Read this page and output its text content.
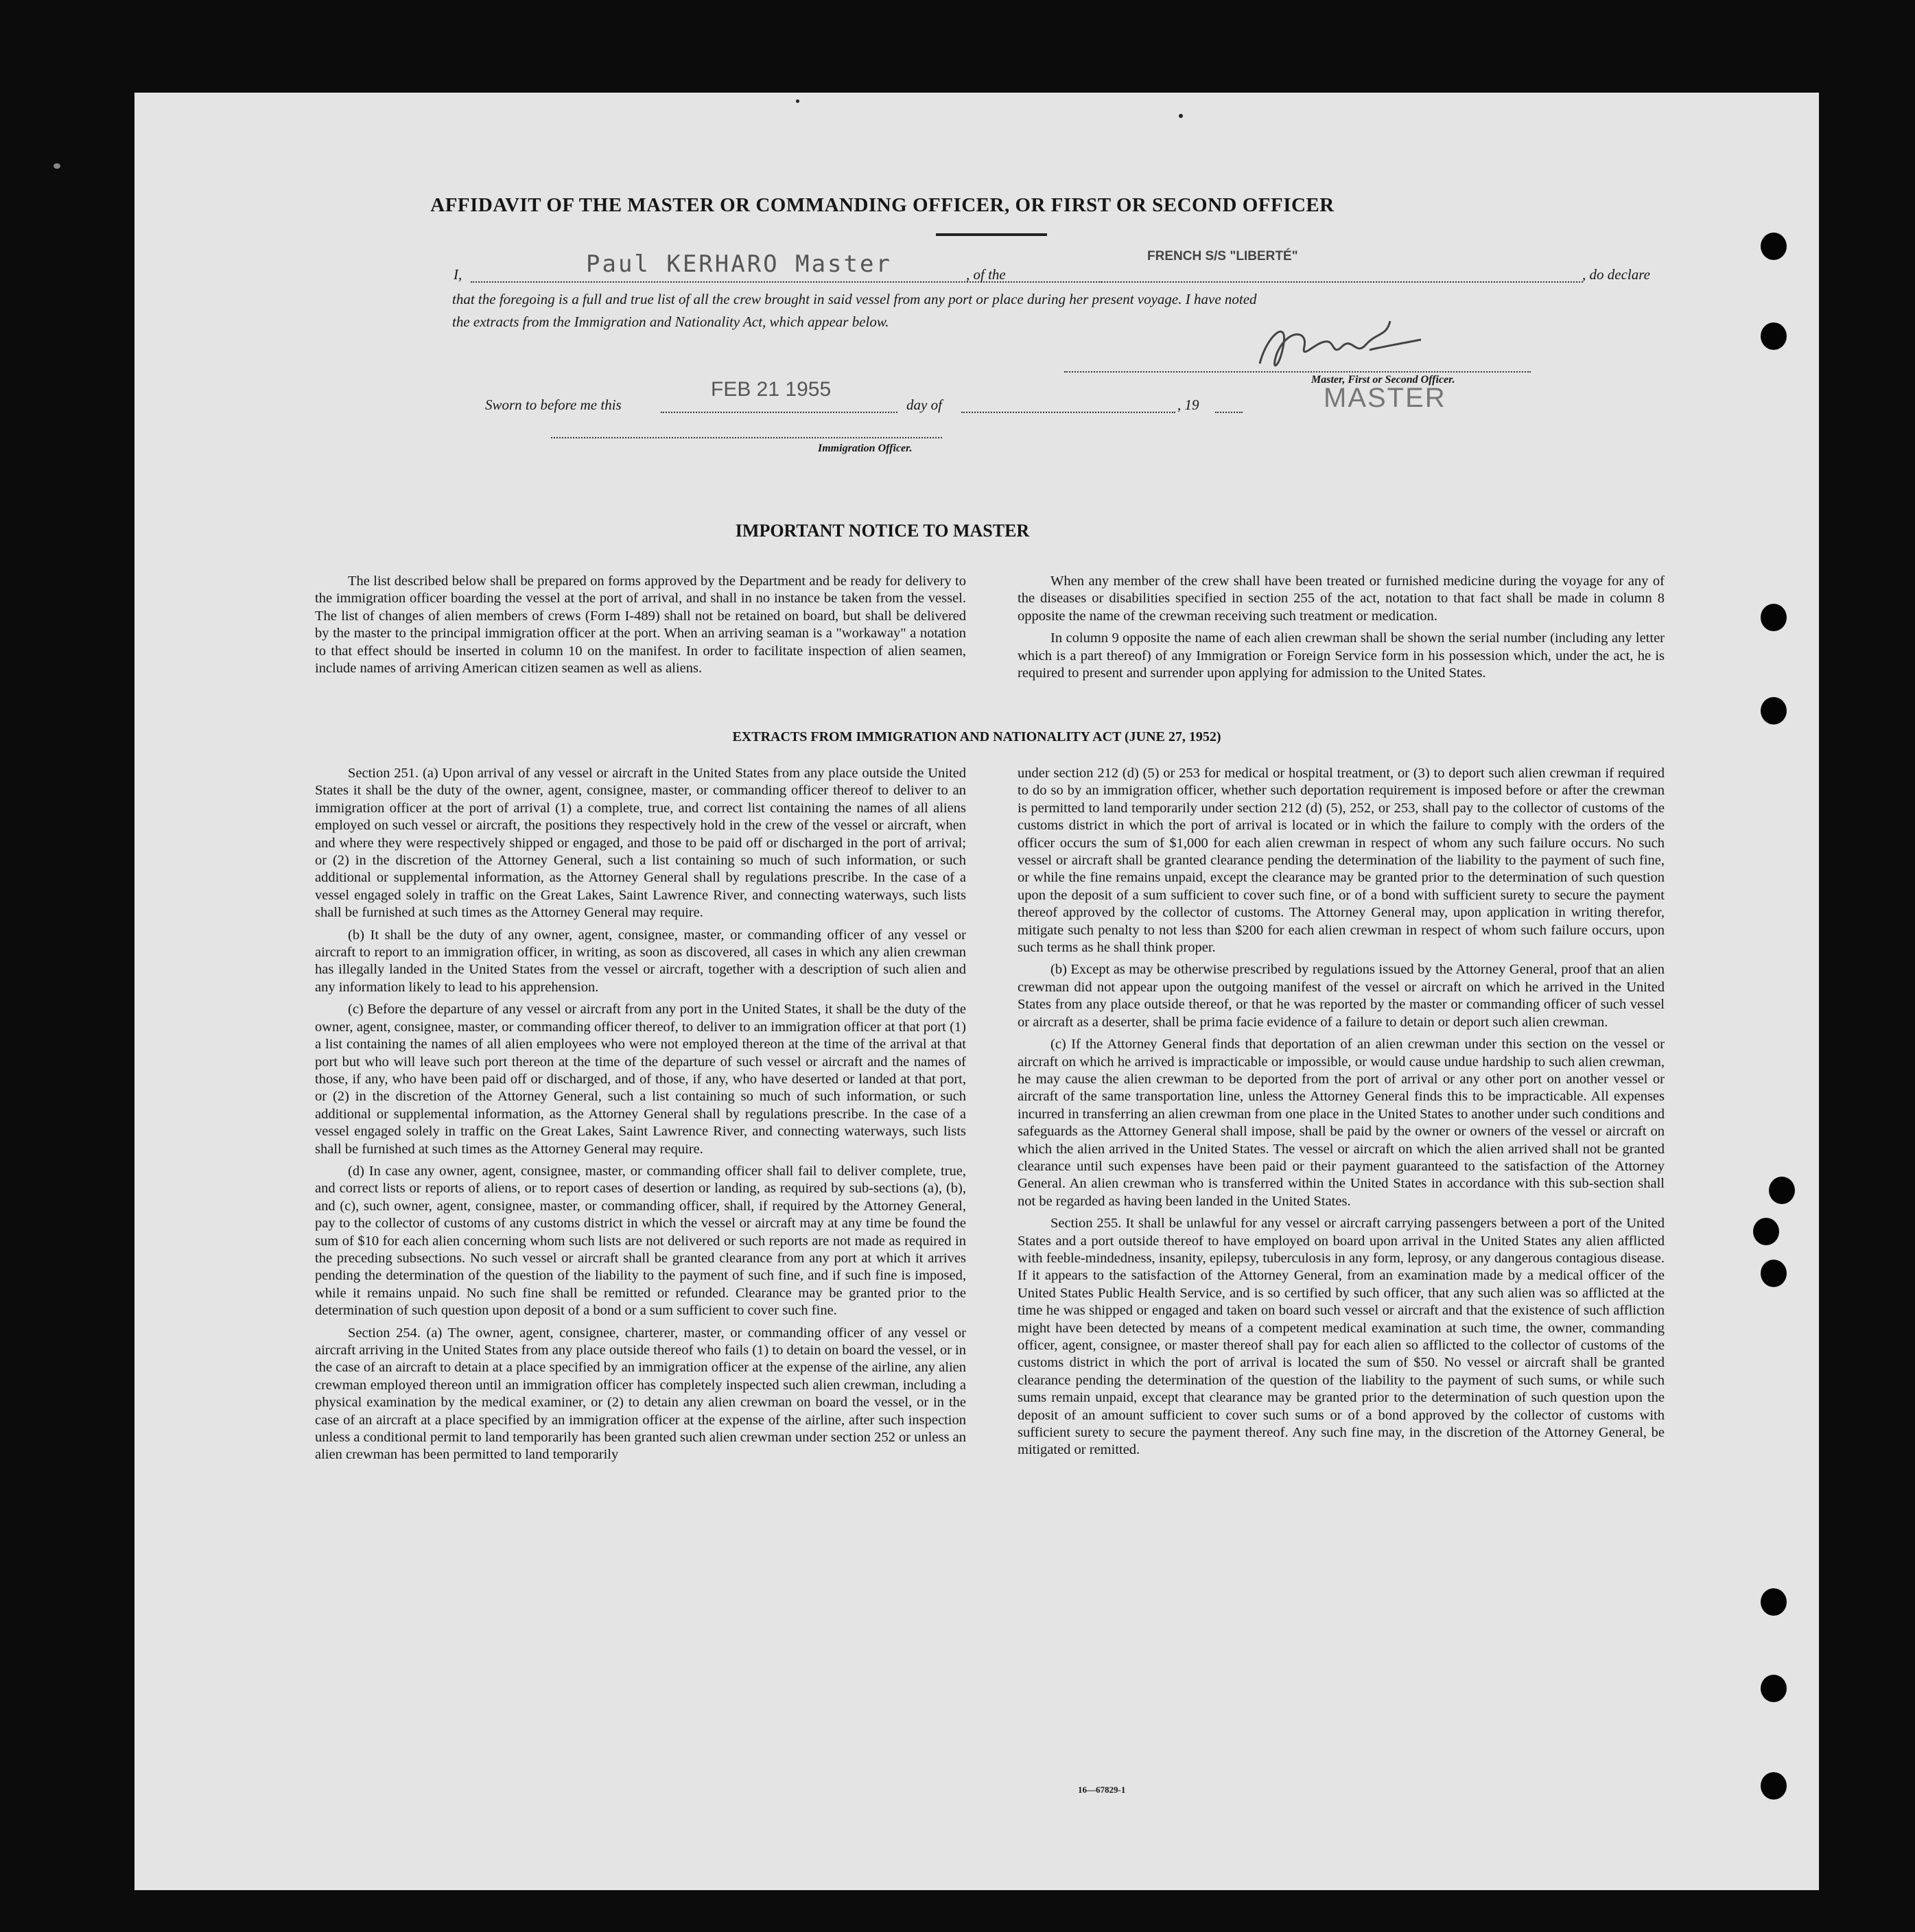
AFFIDAVIT OF THE MASTER OR COMMANDING OFFICER, OR FIRST OR SECOND OFFICER
I,	Paul KERHARO Master	, of the
FRENCH S/S "LIBERTÉ"
, do declare
that the foregoing is a full and true list of all the crew brought in said vessel from any port or place during her present voyage. I have noted
the extracts from the Immigration and Nationality Act, which appear below.
Master, First or Second Officer.
MASTER
Sworn to before me this
FEB 21 1955
day of	, 19
Immigration Officer.
IMPORTANT NOTICE TO MASTER

The list described below shall be prepared on forms approved by the Department and be ready for delivery to the immigration officer boarding the vessel at the port of arrival, and shall in no instance be taken from the vessel. The list of changes of alien members of crews (Form I-489) shall not be retained on board, but shall be delivered by the master to the principal immigration officer at the port. When an arriving seaman is a "workaway" a notation to that effect should be inserted in column 10 on the manifest. In order to facilitate inspection of alien seamen, include names of arriving American citizen seamen as well as aliens.

When any member of the crew shall have been treated or furnished medicine during the voyage for any of the diseases or disabilities specified in section 255 of the act, notation to that fact shall be made in column 8 opposite the name of the crewman receiving such treatment or medication.

In column 9 opposite the name of each alien crewman shall be shown the serial number (including any letter which is a part thereof) of any Immigration or Foreign Service form in his possession which, under the act, he is required to present and surrender upon applying for admission to the United States.

EXTRACTS FROM IMMIGRATION AND NATIONALITY ACT (JUNE 27, 1952)

Section 251. (a) Upon arrival of any vessel or aircraft in the United States from any place outside the United States it shall be the duty of the owner, agent, consignee, master, or commanding officer thereof to deliver to an immigration officer at the port of arrival (1) a complete, true, and correct list containing the names of all aliens employed on such vessel or aircraft, the positions they respectively hold in the crew of the vessel or aircraft, when and where they were respectively shipped or engaged, and those to be paid off or discharged in the port of arrival; or (2) in the discretion of the Attorney General, such a list containing so much of such information, or such additional or supplemental information, as the Attorney General shall by regulations prescribe. In the case of a vessel engaged solely in traffic on the Great Lakes, Saint Lawrence River, and connecting waterways, such lists shall be furnished at such times as the Attorney General may require.

(b) It shall be the duty of any owner, agent, consignee, master, or commanding officer of any vessel or aircraft to report to an immigration officer, in writing, as soon as discovered, all cases in which any alien crewman has illegally landed in the United States from the vessel or aircraft, together with a description of such alien and any information likely to lead to his apprehension.

(c) Before the departure of any vessel or aircraft from any port in the United States, it shall be the duty of the owner, agent, consignee, master, or commanding officer thereof, to deliver to an immigration officer at that port (1) a list containing the names of all alien employees who were not employed thereon at the time of the arrival at that port but who will leave such port thereon at the time of the departure of such vessel or aircraft and the names of those, if any, who have been paid off or discharged, and of those, if any, who have deserted or landed at that port, or (2) in the discretion of the Attorney General, such a list containing so much of such information, or such additional or supplemental information, as the Attorney General shall by regulations prescribe. In the case of a vessel engaged solely in traffic on the Great Lakes, Saint Lawrence River, and connecting waterways, such lists shall be furnished at such times as the Attorney General may require.

(d) In case any owner, agent, consignee, master, or commanding officer shall fail to deliver complete, true, and correct lists or reports of aliens, or to report cases of desertion or landing, as required by sub-sections (a), (b), and (c), such owner, agent, consignee, master, or commanding officer, shall, if required by the Attorney General, pay to the collector of customs of any customs district in which the vessel or aircraft may at any time be found the sum of $10 for each alien concerning whom such lists are not delivered or such reports are not made as required in the preceding subsections. No such vessel or aircraft shall be granted clearance from any port at which it arrives pending the determination of the question of the liability to the payment of such fine, and if such fine is imposed, while it remains unpaid. No such fine shall be remitted or refunded. Clearance may be granted prior to the determination of such question upon deposit of a bond or a sum sufficient to cover such fine.

Section 254. (a) The owner, agent, consignee, charterer, master, or commanding officer of any vessel or aircraft arriving in the United States from any place outside thereof who fails (1) to detain on board the vessel, or in the case of an aircraft to detain at a place specified by an immigration officer at the expense of the airline, any alien crewman employed thereon until an immigration officer has completely inspected such alien crewman, including a physical examination by the medical examiner, or (2) to detain any alien crewman on board the vessel, or in the case of an aircraft at a place specified by an immigration officer at the expense of the airline, after such inspection unless a conditional permit to land temporarily has been granted such alien crewman under section 252 or unless an alien crewman has been permitted to land temporarily

under section 212 (d) (5) or 253 for medical or hospital treatment, or (3) to deport such alien crewman if required to do so by an immigration officer, whether such deportation requirement is imposed before or after the crewman is permitted to land temporarily under section 212 (d) (5), 252, or 253, shall pay to the collector of customs of the customs district in which the port of arrival is located or in which the failure to comply with the orders of the officer occurs the sum of $1,000 for each alien crewman in respect of whom any such failure occurs. No such vessel or aircraft shall be granted clearance pending the determination of the liability to the payment of such fine, or while the fine remains unpaid, except the clearance may be granted prior to the determination of such question upon the deposit of a sum sufficient to cover such fine, or of a bond with sufficient surety to secure the payment thereof approved by the collector of customs. The Attorney General may, upon application in writing therefor, mitigate such penalty to not less than $200 for each alien crewman in respect of whom such failure occurs, upon such terms as he shall think proper.

(b) Except as may be otherwise prescribed by regulations issued by the Attorney General, proof that an alien crewman did not appear upon the outgoing manifest of the vessel or aircraft on which he arrived in the United States from any place outside thereof, or that he was reported by the master or commanding officer of such vessel or aircraft as a deserter, shall be prima facie evidence of a failure to detain or deport such alien crewman.

(c) If the Attorney General finds that deportation of an alien crewman under this section on the vessel or aircraft on which he arrived is impracticable or impossible, or would cause undue hardship to such alien crewman, he may cause the alien crewman to be deported from the port of arrival or any other port on another vessel or aircraft of the same transportation line, unless the Attorney General finds this to be impracticable. All expenses incurred in transferring an alien crewman from one place in the United States to another under such conditions and safeguards as the Attorney General shall impose, shall be paid by the owner or owners of the vessel or aircraft on which the alien arrived in the United States. The vessel or aircraft on which the alien arrived shall not be granted clearance until such expenses have been paid or their payment guaranteed to the satisfaction of the Attorney General. An alien crewman who is transferred within the United States in accordance with this sub-section shall not be regarded as having been landed in the United States.

Section 255. It shall be unlawful for any vessel or aircraft carrying passengers between a port of the United States and a port outside thereof to have employed on board upon arrival in the United States any alien afflicted with feeble-mindedness, insanity, epilepsy, tuberculosis in any form, leprosy, or any dangerous contagious disease. If it appears to the satisfaction of the Attorney General, from an examination made by a medical officer of the United States Public Health Service, and is so certified by such officer, that any such alien was so afflicted at the time he was shipped or engaged and taken on board such vessel or aircraft and that the existence of such affliction might have been detected by means of a competent medical examination at such time, the owner, commanding officer, agent, consignee, or master thereof shall pay for each alien so afflicted to the collector of customs of the customs district in which the port of arrival is located the sum of $50. No vessel or aircraft shall be granted clearance pending the determination of the question of the liability to the payment of such sums, or while such sums remain unpaid, except that clearance may be granted prior to the determination of such question upon the deposit of an amount sufficient to cover such sums or of a bond approved by the collector of customs with sufficient surety to secure the payment thereof. Any such fine may, in the discretion of the Attorney General, be mitigated or remitted.

16—67829-1
